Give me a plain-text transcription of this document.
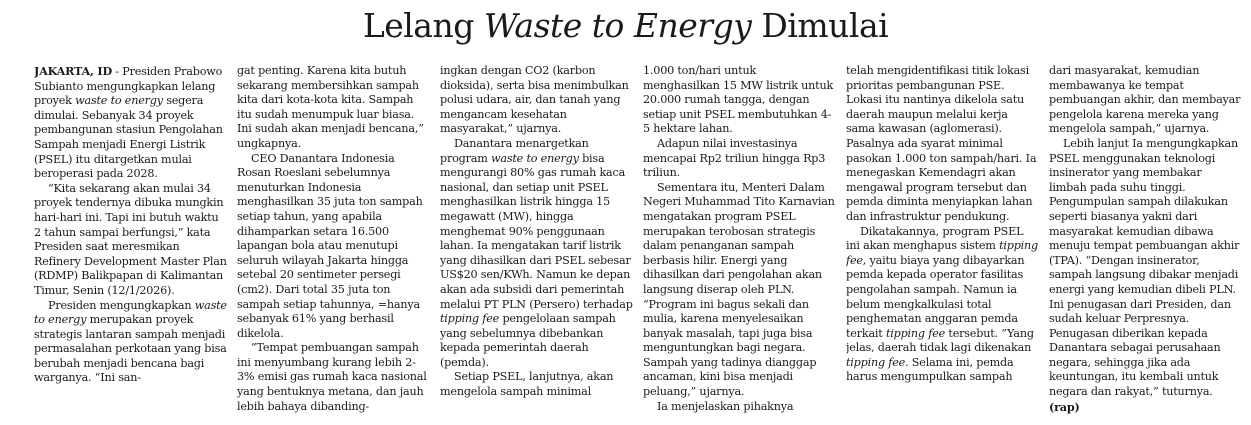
Lelang Waste to Energy Dimulai

JAKARTA, ID - Presiden Prabowo Subianto mengungkapkan lelang proyek waste to energy segera dimulai. Sebanyak 34 proyek pembangunan stasiun Pengolahan Sampah menjadi Energi Listrik (PSEL) itu ditargetkan mulai beroperasi pada 2028.

“Kita sekarang akan mulai 34 proyek tendernya dibuka mungkin hari-hari ini. Tapi ini butuh waktu 2 tahun sampai berfungsi,” kata Presiden saat meresmikan Refinery Development Master Plan (RDMP) Balikpapan di Kalimantan Timur, Senin (12/1/2026).

Presiden mengungkapkan waste to energy merupakan proyek strategis lantaran sampah menjadi permasalahan perkotaan yang bisa berubah menjadi bencana bagi warganya. “Ini san-

gat penting. Karena kita butuh sekarang membersihkan sampah kita dari kota-kota kita. Sampah itu sudah menumpuk luar biasa. Ini sudah akan menjadi bencana,” ungkapnya.

CEO Danantara Indonesia Rosan Roeslani sebelumnya menuturkan Indonesia menghasilkan 35 juta ton sampah setiap tahun, yang apabila dihamparkan setara 16.500 lapangan bola atau menutupi seluruh wilayah Jakarta hingga setebal 20 sentimeter persegi (cm2). Dari total 35 juta ton sampah setiap tahunnya, =hanya sebanyak 61% yang berhasil dikelola.

“Tempat pembuangan sampah ini menyumbang kurang lebih 2-3% emisi gas rumah kaca nasional yang bentuknya metana, dan jauh lebih bahaya dibanding-

ingkan dengan CO2 (karbon dioksida), serta bisa menimbulkan polusi udara, air, dan tanah yang mengancam kesehatan masyarakat,” ujarnya.

Danantara menargetkan program waste to energy bisa mengurangi 80% gas rumah kaca nasional, dan setiap unit PSEL menghasilkan listrik hingga 15 megawatt (MW), hingga menghemat 90% penggunaan lahan. Ia mengatakan tarif listrik yang dihasilkan dari PSEL sebesar US$20 sen/KWh. Namun ke depan akan ada subsidi dari pemerintah melalui PT PLN (Persero) terhadap tipping fee pengelolaan sampah yang sebelumnya dibebankan kepada pemerintah daerah (pemda).

Setiap PSEL, lanjutnya, akan mengelola sampah minimal

1.000 ton/hari untuk menghasilkan 15 MW listrik untuk 20.000 rumah tangga, dengan setiap unit PSEL membutuhkan 4-5 hektare lahan.

Adapun nilai investasinya mencapai Rp2 triliun hingga Rp3 triliun.

Sementara itu, Menteri Dalam Negeri Muhammad Tito Karnavian mengatakan program PSEL merupakan terobosan strategis dalam penanganan sampah berbasis hilir. Energi yang dihasilkan dari pengolahan akan langsung diserap oleh PLN. “Program ini bagus sekali dan mulia, karena menyelesaikan banyak masalah, tapi juga bisa menguntungkan bagi negara. Sampah yang tadinya dianggap ancaman, kini bisa menjadi peluang,” ujarnya.

Ia menjelaskan pihaknya

telah mengidentifikasi titik lokasi prioritas pembangunan PSE. Lokasi itu nantinya dikelola satu daerah maupun melalui kerja sama kawasan (aglomerasi). Pasalnya ada syarat minimal pasokan 1.000 ton sampah/hari. Ia menegaskan Kemendagri akan mengawal program tersebut dan pemda diminta menyiapkan lahan dan infrastruktur pendukung.

Dikatakannya, program PSEL ini akan menghapus sistem tipping fee, yaitu biaya yang dibayarkan pemda kepada operator fasilitas pengolahan sampah. Namun ia belum mengkalkulasi total penghematan anggaran pemda terkait tipping fee tersebut. “Yang jelas, daerah tidak lagi dikenakan tipping fee. Selama ini, pemda harus mengumpulkan sampah

dari masyarakat, kemudian membawanya ke tempat pembuangan akhir, dan membayar pengelola karena mereka yang mengelola sampah,” ujarnya.

Lebih lanjut Ia mengungkapkan PSEL menggunakan teknologi insinerator yang membakar limbah pada suhu tinggi. Pengumpulan sampah dilakukan seperti biasanya yakni dari masyarakat kemudian dibawa menuju tempat pembuangan akhir (TPA). “Dengan insinerator, sampah langsung dibakar menjadi energi yang kemudian dibeli PLN. Ini penugasan dari Presiden, dan sudah keluar Perpresnya. Penugasan diberikan kepada Danantara sebagai perusahaan negara, sehingga jika ada keuntungan, itu kembali untuk negara dan rakyat,” tuturnya.(rap)
